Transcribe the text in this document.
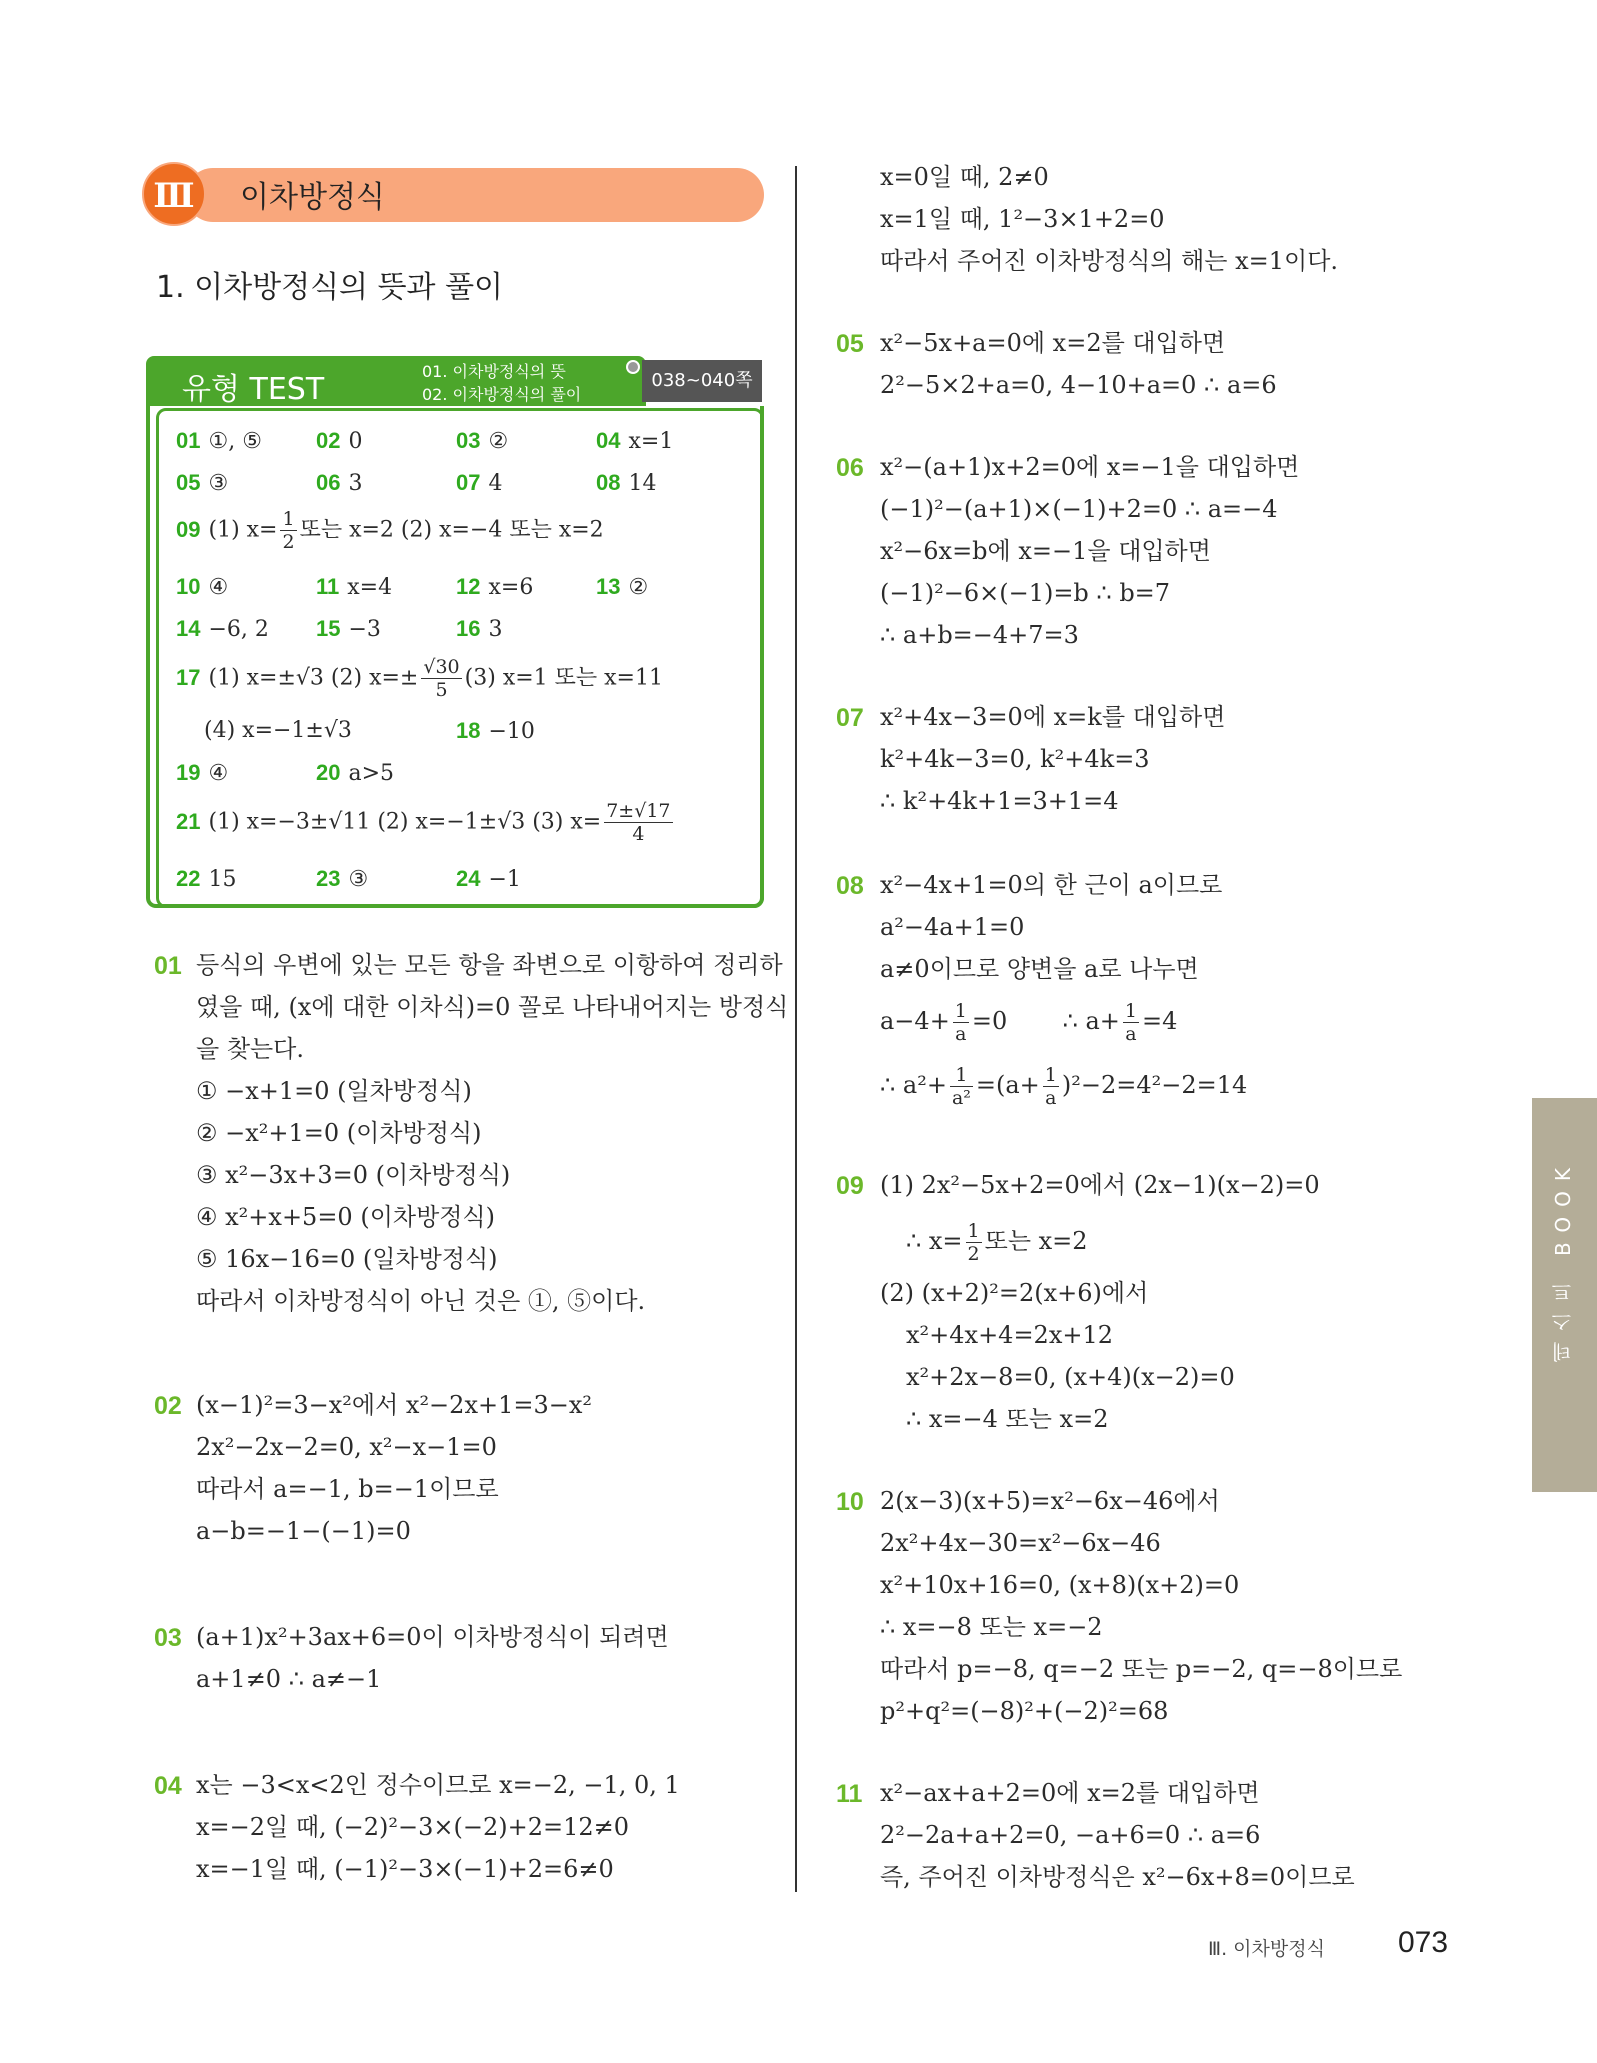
Ⅲ	이차방정식
1. 이차방정식의 뜻과 풀이
유형 TEST
01. 이차방정식의 뜻
02. 이차방정식의 풀이
038~040쪽
01 ①, ⑤ 02 0	03 ②	04 x=1
05 ③	06 3	07 4	08 14
09 (1) $x= \frac{1}{2}$ 또는 x=2 (2) x=−4 또는 x=2
10 ④	11 x=4	12 x=6	13 ②
14 −6, 2 15 −3	16 3
17 (1) x=±√3 (2) $x=\pm \frac{√30}{5} (3)$ x=1 또는 x=11
(4) x=−1±√3	18 −10
19 ④	20 a>5
21 (1) x=−3±√11 (2) x=−1±√3 (3) $x= \frac{7\pm√17}{4}$
22 15	23 ③	24 −1
01 등식의 우변에 있는 모든 항을 좌변으로 이항하여 정리하
였을 때, (x에 대한 이차식)=0 꼴로 나타내어지는 방정식
을 찾는다.
① −x+1=0 (일차방정식)
② −x²+1=0 (이차방정식)
③ x²−3x+3=0 (이차방정식)
④ x²+x+5=0 (이차방정식)
⑤ 16x−16=0 (일차방정식)
따라서 이차방정식이 아닌 것은 ①, ⑤이다.
02 (x−1)²=3−x²에서 x²−2x+1=3−x²
2x²−2x−2=0, x²−x−1=0
따라서 a=−1, b=−1이므로
a−b=−1−(−1)=0
03 (a+1)x²+3ax+6=0이 이차방정식이 되려면
a+1≠0 ∴ a≠−1
04 x는 −3<x<2인 정수이므로 x=−2, −1, 0, 1
x=−2일 때, (−2)²−3×(−2)+2=12≠0
x=−1일 때, (−1)²−3×(−1)+2=6≠0
x=0일 때, 2≠0
x=1일 때, 1²−3×1+2=0
따라서 주어진 이차방정식의 해는 x=1이다.
05 x²−5x+a=0에 x=2를 대입하면
2²−5×2+a=0, 4−10+a=0 ∴ a=6
06 x²−(a+1)x+2=0에 x=−1을 대입하면
(−1)²−(a+1)×(−1)+2=0 ∴ a=−4
x²−6x=b에 x=−1을 대입하면
(−1)²−6×(−1)=b ∴ b=7
∴ a+b=−4+7=3
07 x²+4x−3=0에 x=k를 대입하면
k²+4k−3=0, k²+4k=3
∴ k²+4k+1=3+1=4
08 x²−4x+1=0의 한 근이 a이므로
a²−4a+1=0
a≠0이므로 양변을 a로 나누면
$a-4+ \frac{1}{a} =0$ ∴ $a+ \frac{1}{a} =4$
∴ $a^2+ \frac{1}{\text{a²}} =(a+ \frac{1}{a} )^2-2=4^2-2=14$
09 (1) 2x²−5x+2=0에서 (2x−1)(x−2)=0
∴ $x= \frac{1}{2}$ 또는 x=2
(2) (x+2)²=2(x+6)에서
x²+4x+4=2x+12
x²+2x−8=0, (x+4)(x−2)=0
∴ x=−4 또는 x=2
10 2(x−3)(x+5)=x²−6x−46에서
2x²+4x−30=x²−6x−46
x²+10x+16=0, (x+8)(x+2)=0
∴ x=−8 또는 x=−2
따라서 p=−8, q=−2 또는 p=−2, q=−8이므로
p²+q²=(−8)²+(−2)²=68
11 x²−ax+a+2=0에 x=2를 대입하면
2²−2a+a+2=0, −a+6=0 ∴ a=6
즉, 주어진 이차방정식은 x²−6x+8=0이므로
테스트 BOOK
Ⅲ. 이차방정식 073
